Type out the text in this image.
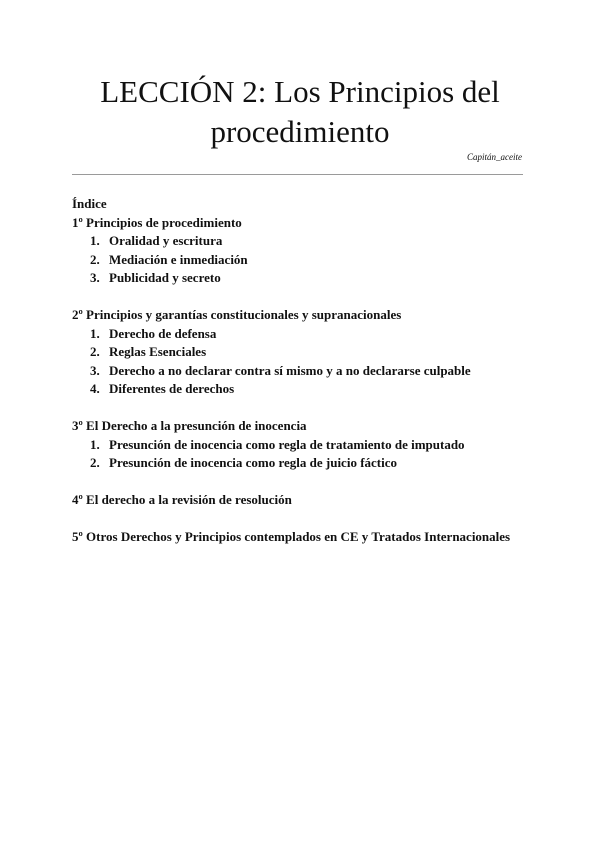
LECCIÓN 2: Los Principios del procedimiento

Capitán_aceite

Índice

1º Principios de procedimiento

1. Oralidad y escritura
2. Mediación e inmediación
3. Publicidad y secreto

2º Principios y garantías constitucionales y supranacionales

1. Derecho de defensa
2. Reglas Esenciales
3. Derecho a no declarar contra sí mismo y a no declararse culpable
4. Diferentes de derechos

3º El Derecho a la presunción de inocencia

1. Presunción de inocencia como regla de tratamiento de imputado
2. Presunción de inocencia como regla de juicio fáctico

4º El derecho a la revisión de resolución

5º Otros Derechos y Principios contemplados en CE y Tratados Internacionales
